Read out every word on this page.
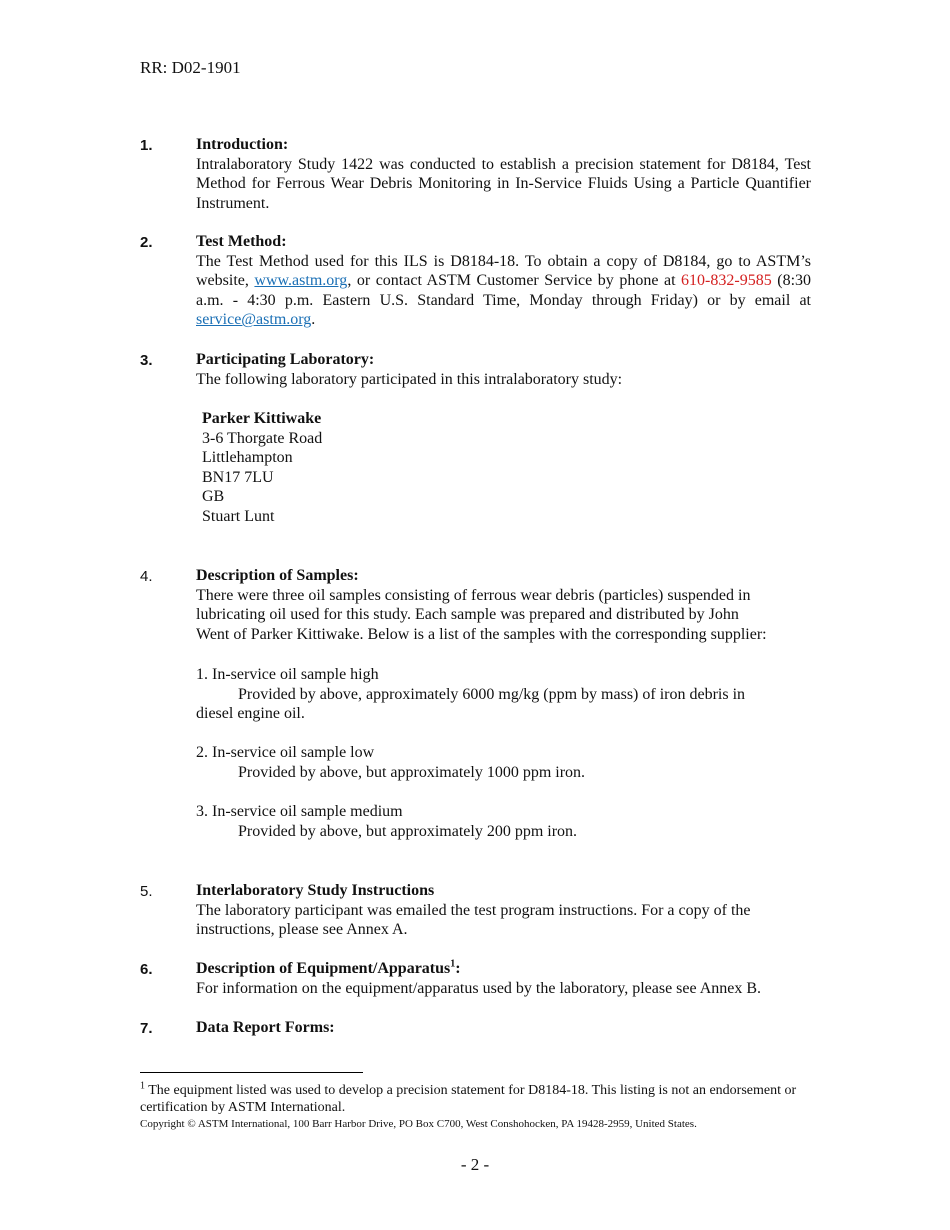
RR: D02-1901
1.	Introduction:
Intralaboratory Study 1422 was conducted to establish a precision statement for D8184, Test Method for Ferrous Wear Debris Monitoring in In-Service Fluids Using a Particle Quantifier Instrument.
2.	Test Method:
The Test Method used for this ILS is D8184-18. To obtain a copy of D8184, go to ASTM’s website, www.astm.org, or contact ASTM Customer Service by phone at 610-832-9585 (8:30 a.m. - 4:30 p.m. Eastern U.S. Standard Time, Monday through Friday) or by email at service@astm.org.
3.	Participating Laboratory:
The following laboratory participated in this intralaboratory study:
Parker Kittiwake
3-6 Thorgate Road
Littlehampton
BN17 7LU
GB
Stuart Lunt
4.	Description of Samples:
There were three oil samples consisting of ferrous wear debris (particles) suspended in
lubricating oil used for this study. Each sample was prepared and distributed by John
Went of Parker Kittiwake. Below is a list of the samples with the corresponding supplier:
1. In-service oil sample high
Provided by above, approximately 6000 mg/kg (ppm by mass) of iron debris in
diesel engine oil.
2. In-service oil sample low
Provided by above, but approximately 1000 ppm iron.
3. In-service oil sample medium
Provided by above, but approximately 200 ppm iron.
5.	Interlaboratory Study Instructions
The laboratory participant was emailed the test program instructions. For a copy of the
instructions, please see Annex A.
6.	Description of Equipment/Apparatus$^1$:
For information on the equipment/apparatus used by the laboratory, please see Annex B.
7.	Data Report Forms:
$^1$ The equipment listed was used to develop a precision statement for D8184-18. This listing is not an endorsement or certification by ASTM International.
Copyright © ASTM International, 100 Barr Harbor Drive, PO Box C700, West Conshohocken, PA 19428-2959, United States.
- 2 -
